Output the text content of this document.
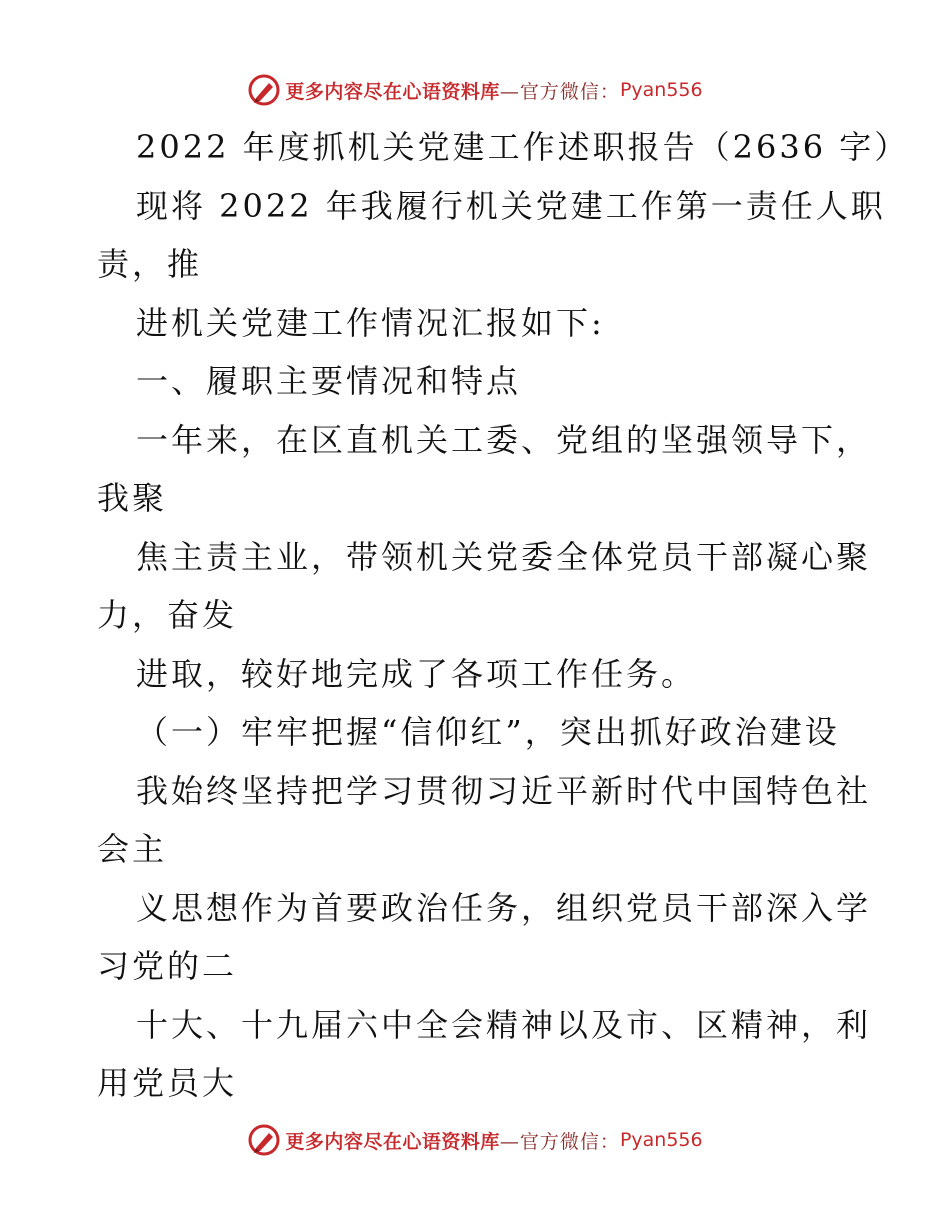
更多内容尽在心语资料库 —官方微信： Pyan556
2022 年度抓机关党建工作述职报告（2636 字）
现将 2022 年我履行机关党建工作第一责任人职
责，推
进机关党建工作情况汇报如下:
一、履职主要情况和特点
一年来，在区直机关工委、党组的坚强领导下，
我聚
焦主责主业，带领机关党委全体党员干部凝心聚
力，奋发
进取，较好地完成了各项工作任务。
（一）牢牢把握“信仰红”，突出抓好政治建设
我始终坚持把学习贯彻习近平新时代中国特色社
会主
义思想作为首要政治任务，组织党员干部深入学
习党的二
十大、十九届六中全会精神以及市、区精神，利
用党员大
更多内容尽在心语资料库 —官方微信： Pyan556
